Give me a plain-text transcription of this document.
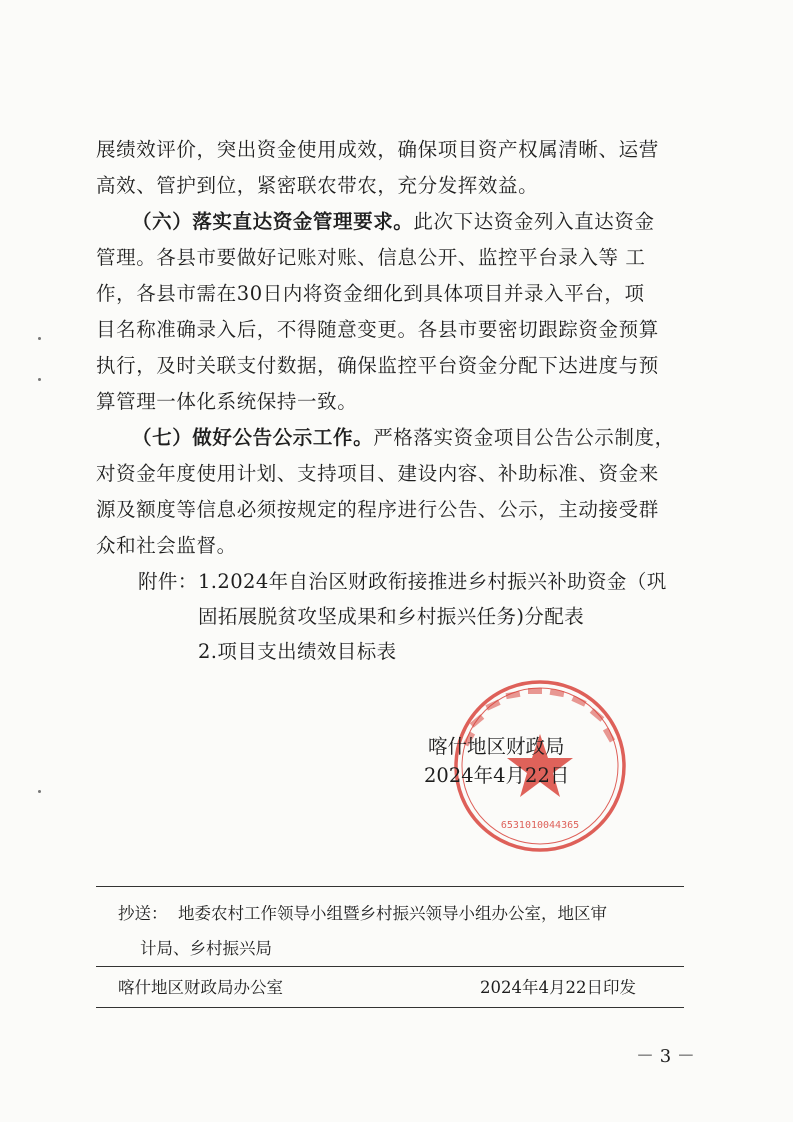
展绩效评价，突出资金使用成效，确保项目资产权属清晰、运营
高效、管护到位，紧密联农带农，充分发挥效益。
（六）落实直达资金管理要求。此次下达资金列入直达资金
管理。各县市要做好记账对账、信息公开、监控平台录入等 工
作，各县市需在30日内将资金细化到具体项目并录入平台，项
目名称准确录入后，不得随意变更。各县市要密切跟踪资金预算
执行，及时关联支付数据，确保监控平台资金分配下达进度与预
算管理一体化系统保持一致。
（七）做好公告公示工作。严格落实资金项目公告公示制度，
对资金年度使用计划、支持项目、建设内容、补助标准、资金来
源及额度等信息必须按规定的程序进行公告、公示，主动接受群
众和社会监督。
附件： 1.2024年自治区财政衔接推进乡村振兴补助资金（巩
固拓展脱贫攻坚成果和乡村振兴任务)分配表
2.项目支出绩效目标表
6531010044365
喀什地区财政局
2024年4月22日
抄送： 地委农村工作领导小组暨乡村振兴领导小组办公室，地区审
计局、乡村振兴局
喀什地区财政局办公室	2024年4月22日印发
－ 3 －
